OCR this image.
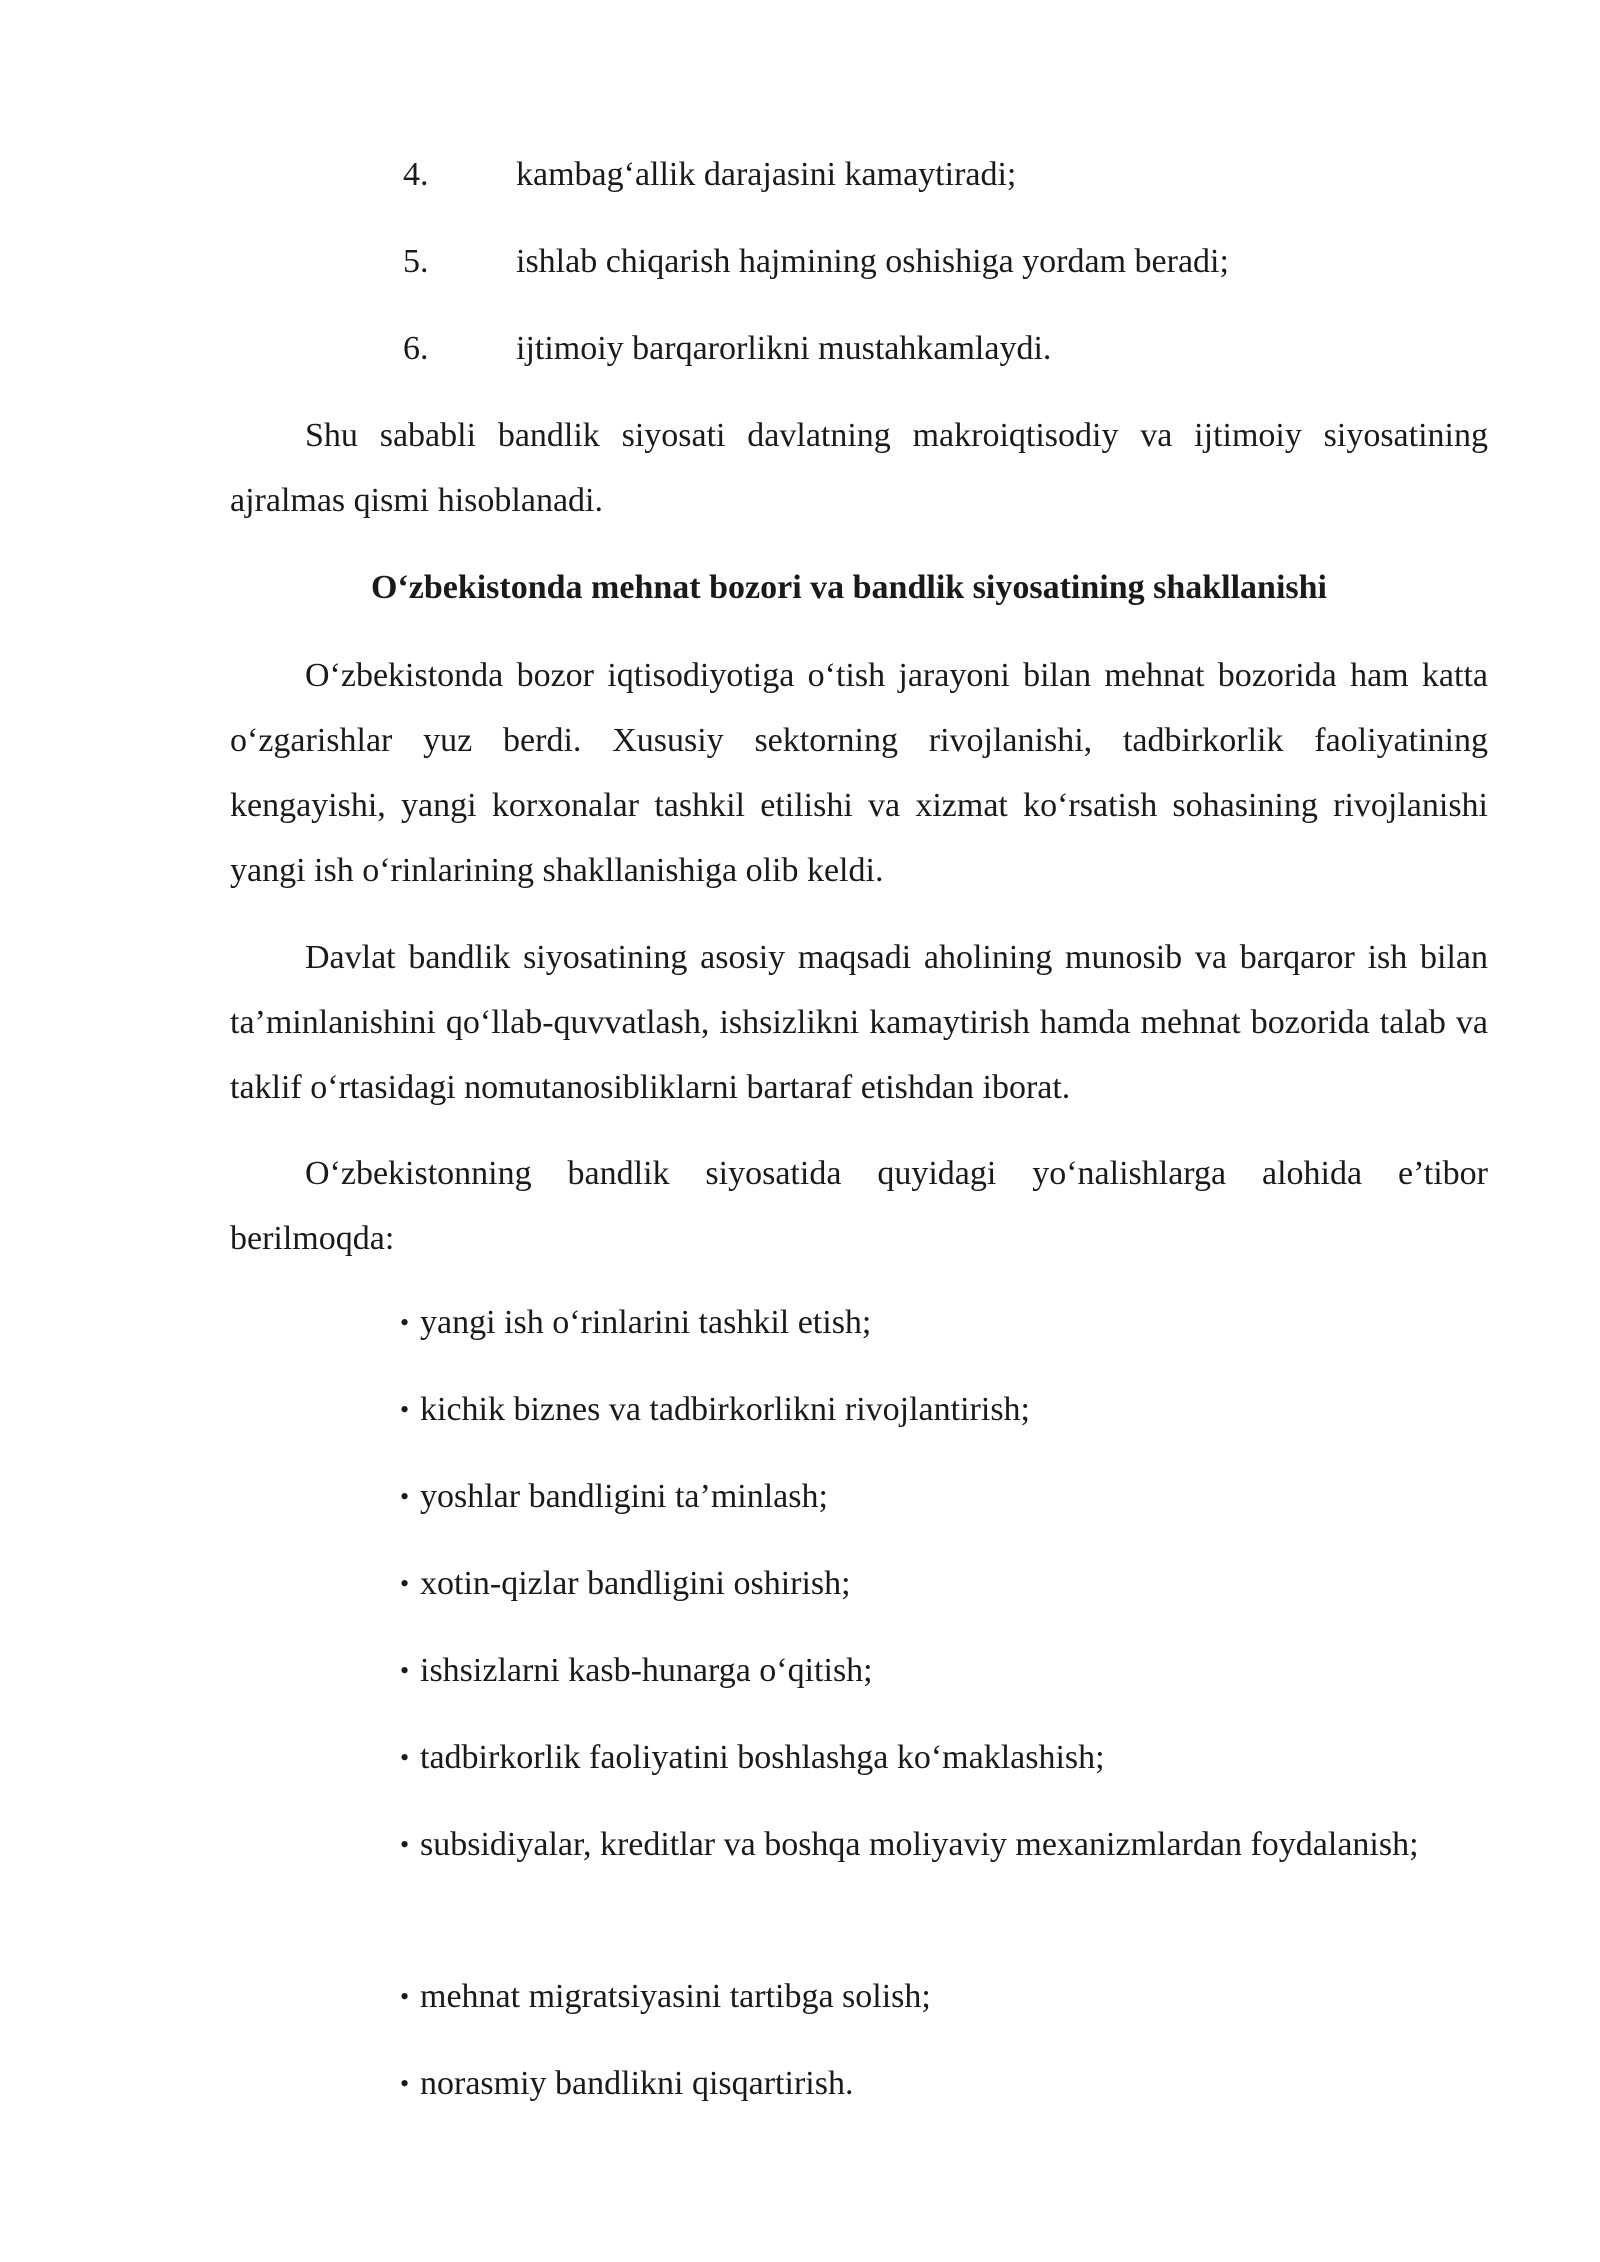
4.	kambag‘allik darajasini kamaytiradi;
5.	ishlab chiqarish hajmining oshishiga yordam beradi;
6.	ijtimoiy barqarorlikni mustahkamlaydi.

Shu sababli bandlik siyosati davlatning makroiqtisodiy va ijtimoiy siyosatining ajralmas qismi hisoblanadi.

O‘zbekistonda mehnat bozori va bandlik siyosatining shakllanishi

O‘zbekistonda bozor iqtisodiyotiga o‘tish jarayoni bilan mehnat bozorida ham katta o‘zgarishlar yuz berdi. Xususiy sektorning rivojlanishi, tadbirkorlik faoliyatining kengayishi, yangi korxonalar tashkil etilishi va xizmat ko‘rsatish sohasining rivojlanishi yangi ish o‘rinlarining shakllanishiga olib keldi.

Davlat bandlik siyosatining asosiy maqsadi aholining munosib va barqaror ish bilan ta’minlanishini qo‘llab-quvvatlash, ishsizlikni kamaytirish hamda mehnat bozorida talab va taklif o‘rtasidagi nomutanosibliklarni bartaraf etishdan iborat.

O‘zbekistonning bandlik siyosatida quyidagi yo‘nalishlarga alohida e’tibor berilmoqda:

• yangi ish o‘rinlarini tashkil etish;
• kichik biznes va tadbirkorlikni rivojlantirish;
• yoshlar bandligini ta’minlash;
• xotin-qizlar bandligini oshirish;
• ishsizlarni kasb-hunarga o‘qitish;
• tadbirkorlik faoliyatini boshlashga ko‘maklashish;
• subsidiyalar, kreditlar va boshqa moliyaviy mexanizmlardan foydalanish;
• mehnat migratsiyasini tartibga solish;
• norasmiy bandlikni qisqartirish.
